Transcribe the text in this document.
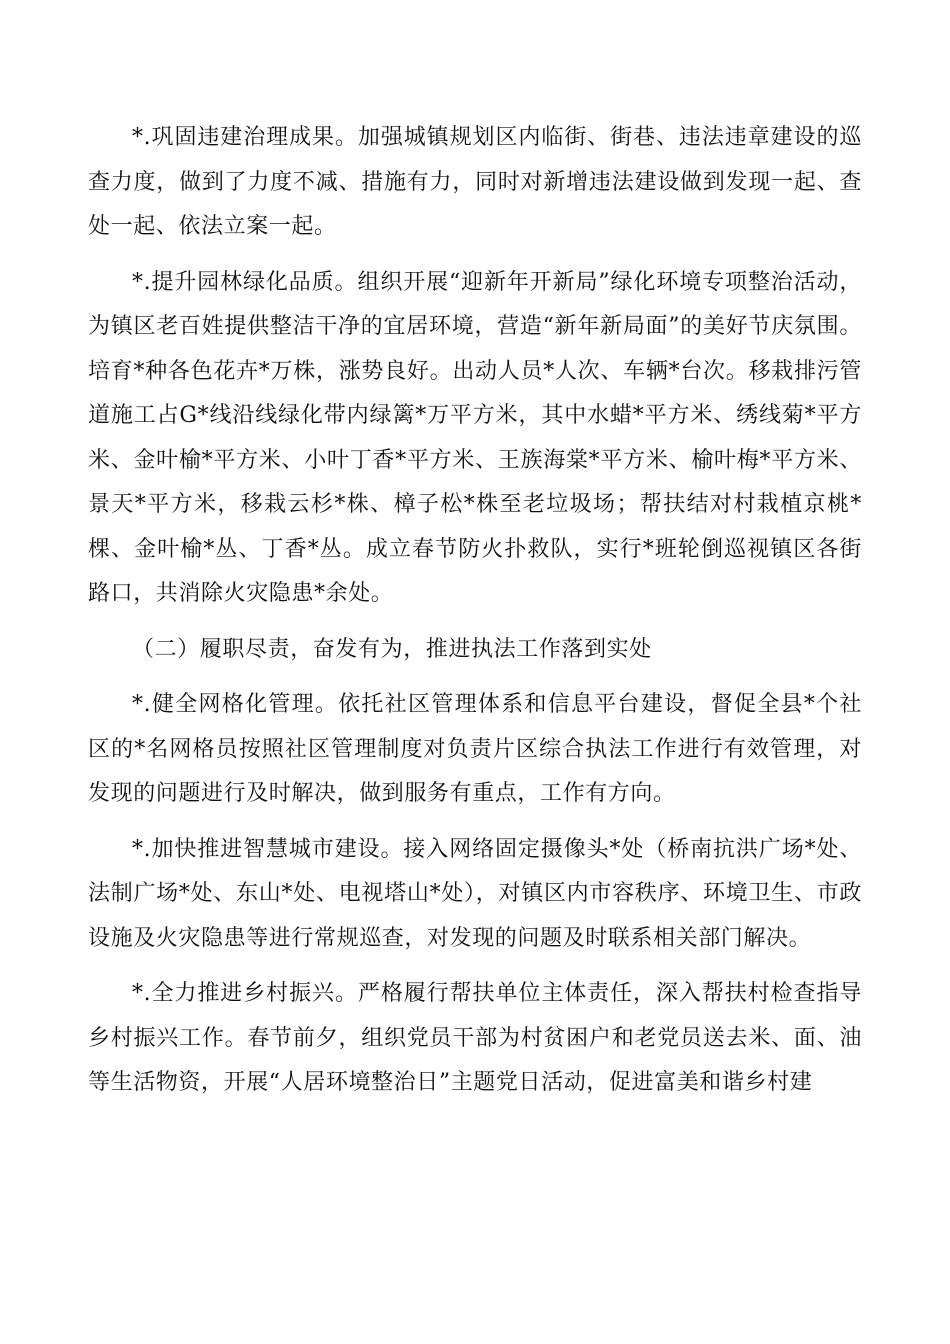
*.巩固违建治理成果。加强城镇规划区内临街、街巷、违法违章建设的巡查力度，做到了力度不减、措施有力，同时对新增违法建设做到发现一起、查处一起、依法立案一起。

*.提升园林绿化品质。组织开展“迎新年开新局”绿化环境专项整治活动，为镇区老百姓提供整洁干净的宜居环境，营造“新年新局面”的美好节庆氛围。培育*种各色花卉*万株，涨势良好。出动人员*人次、车辆*台次。移栽排污管道施工占G*线沿线绿化带内绿篱*万平方米，其中水蜡*平方米、绣线菊*平方米、金叶榆*平方米、小叶丁香*平方米、王族海棠*平方米、榆叶梅*平方米、景天*平方米，移栽云杉*株、樟子松*株至老垃圾场；帮扶结对村栽植京桃*棵、金叶榆*丛、丁香*丛。成立春节防火扑救队，实行*班轮倒巡视镇区各街路口，共消除火灾隐患*余处。

（二）履职尽责，奋发有为，推进执法工作落到实处

*.健全网格化管理。依托社区管理体系和信息平台建设，督促全县*个社区的*名网格员按照社区管理制度对负责片区综合执法工作进行有效管理，对发现的问题进行及时解决，做到服务有重点，工作有方向。

*.加快推进智慧城市建设。接入网络固定摄像头*处（桥南抗洪广场*处、法制广场*处、东山*处、电视塔山*处），对镇区内市容秩序、环境卫生、市政设施及火灾隐患等进行常规巡查，对发现的问题及时联系相关部门解决。

*.全力推进乡村振兴。严格履行帮扶单位主体责任，深入帮扶村检查指导乡村振兴工作。春节前夕，组织党员干部为村贫困户和老党员送去米、面、油等生活物资，开展“人居环境整治日”主题党日活动，促进富美和谐乡村建
